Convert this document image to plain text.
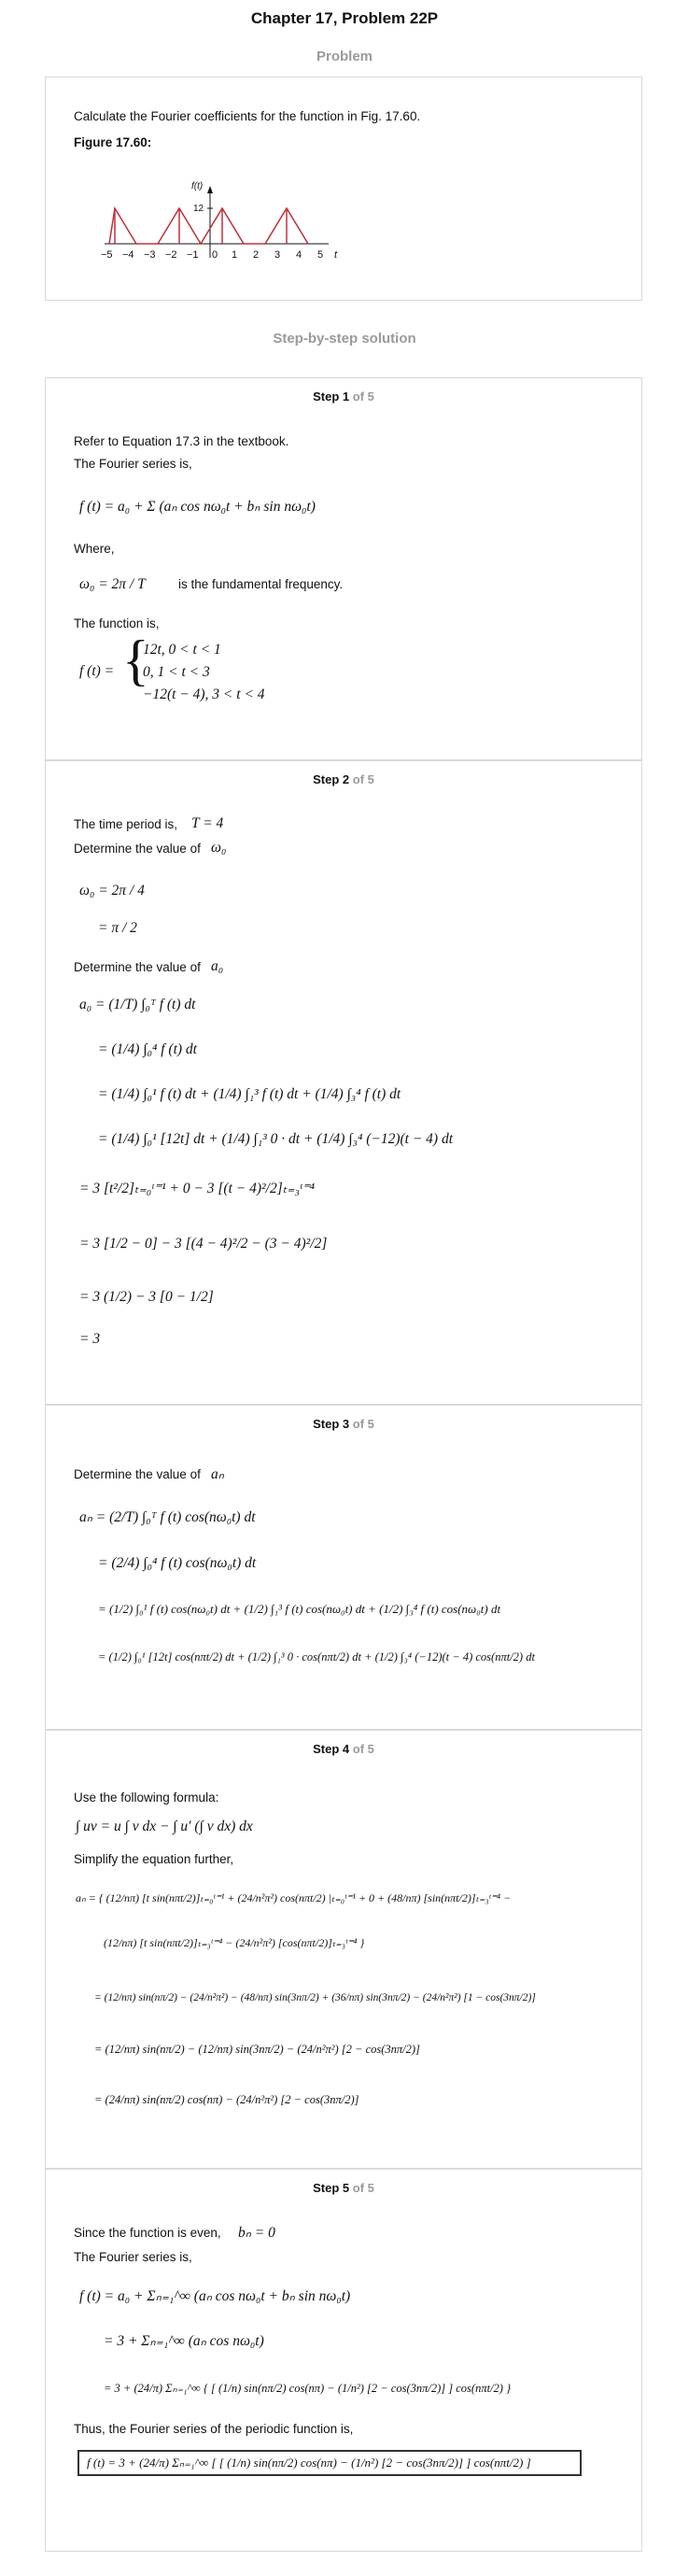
Chapter 17, Problem 22P
Problem
Calculate the Fourier coefficients for the function in Fig. 17.60.
Figure 17.60:
f(t)
12
−5 −4 −3 −2 −1 0 1 2 3 4 5 t
Step-by-step solution
Step 1 of 5
Refer to Equation 17.3 in the textbook.
The Fourier series is,
f (t) = a₀ + Σ (aₙ cos nω₀t + bₙ sin nω₀t)
Where,
ω₀ = 2π / T	is the fundamental frequency.
The function is,
f (t) = {
12t, 0 < t < 1
0, 1 < t < 3
−12(t − 4), 3 < t < 4
Step 2 of 5
The time period is, T = 4
Determine the value of ω₀
ω₀ = 2π / 4
= π / 2
Determine the value of a₀
a₀ = (1/T) ∫₀ᵀ f (t) dt
= (1/4) ∫₀⁴ f (t) dt
= (1/4) ∫₀¹ f (t) dt + (1/4) ∫₁³ f (t) dt + (1/4) ∫₃⁴ f (t) dt
= (1/4) ∫₀¹ [12t] dt + (1/4) ∫₁³ 0 · dt + (1/4) ∫₃⁴ (−12)(t − 4) dt
= 3 [t²/2]ₜ₌₀ᵗ⁼¹ + 0 − 3 [(t − 4)²/2]ₜ₌₃ᵗ⁼⁴
= 3 [1/2 − 0] − 3 [(4 − 4)²/2 − (3 − 4)²/2]
= 3 (1/2) − 3 [0 − 1/2]
= 3
Step 3 of 5
Determine the value of aₙ
aₙ = (2/T) ∫₀ᵀ f (t) cos(nω₀t) dt
= (2/4) ∫₀⁴ f (t) cos(nω₀t) dt
= (1/2) ∫₀¹ f (t) cos(nω₀t) dt + (1/2) ∫₁³ f (t) cos(nω₀t) dt + (1/2) ∫₃⁴ f (t) cos(nω₀t) dt
= (1/2) ∫₀¹ [12t] cos(nπt/2) dt + (1/2) ∫₁³ 0 · cos(nπt/2) dt + (1/2) ∫₃⁴ (−12)(t − 4) cos(nπt/2) dt
Step 4 of 5
Use the following formula:
∫ uv = u ∫ v dx − ∫ u′ (∫ v dx) dx
Simplify the equation further,
aₙ = { (12/nπ) [t sin(nπt/2)]ₜ₌₀ᵗ⁼¹ + (24/n²π²) cos(nπt/2) |ₜ₌₀ᵗ⁼¹ + 0 + (48/nπ) [sin(nπt/2)]ₜ₌₃ᵗ⁼⁴ −
(12/nπ) [t sin(nπt/2)]ₜ₌₃ᵗ⁼⁴ − (24/n²π²) [cos(nπt/2)]ₜ₌₃ᵗ⁼⁴ }
= (12/nπ) sin(nπ/2) − (24/n²π²) − (48/nπ) sin(3nπ/2) + (36/nπ) sin(3nπ/2) − (24/n²π²) [1 − cos(3nπ/2)]
= (12/nπ) sin(nπ/2) − (12/nπ) sin(3nπ/2) − (24/n²π²) [2 − cos(3nπ/2)]
= (24/nπ) sin(nπ/2) cos(nπ) − (24/n²π²) [2 − cos(3nπ/2)]
Step 5 of 5
Since the function is even, bₙ = 0
The Fourier series is,
f (t) = a₀ + Σₙ₌₁^∞ (aₙ cos nω₀t + bₙ sin nω₀t)
= 3 + Σₙ₌₁^∞ (aₙ cos nω₀t)
= 3 + (24/π) Σₙ₌₁^∞ { [ (1/n) sin(nπ/2) cos(nπ) − (1/n²) [2 − cos(3nπ/2)] ] cos(nπt/2) }
Thus, the Fourier series of the periodic function is,
f (t) = 3 + (24/π) Σₙ₌₁^∞ [ [ (1/n) sin(nπ/2) cos(nπ) − (1/n²) [2 − cos(3nπ/2)] ] cos(nπt/2) ]
